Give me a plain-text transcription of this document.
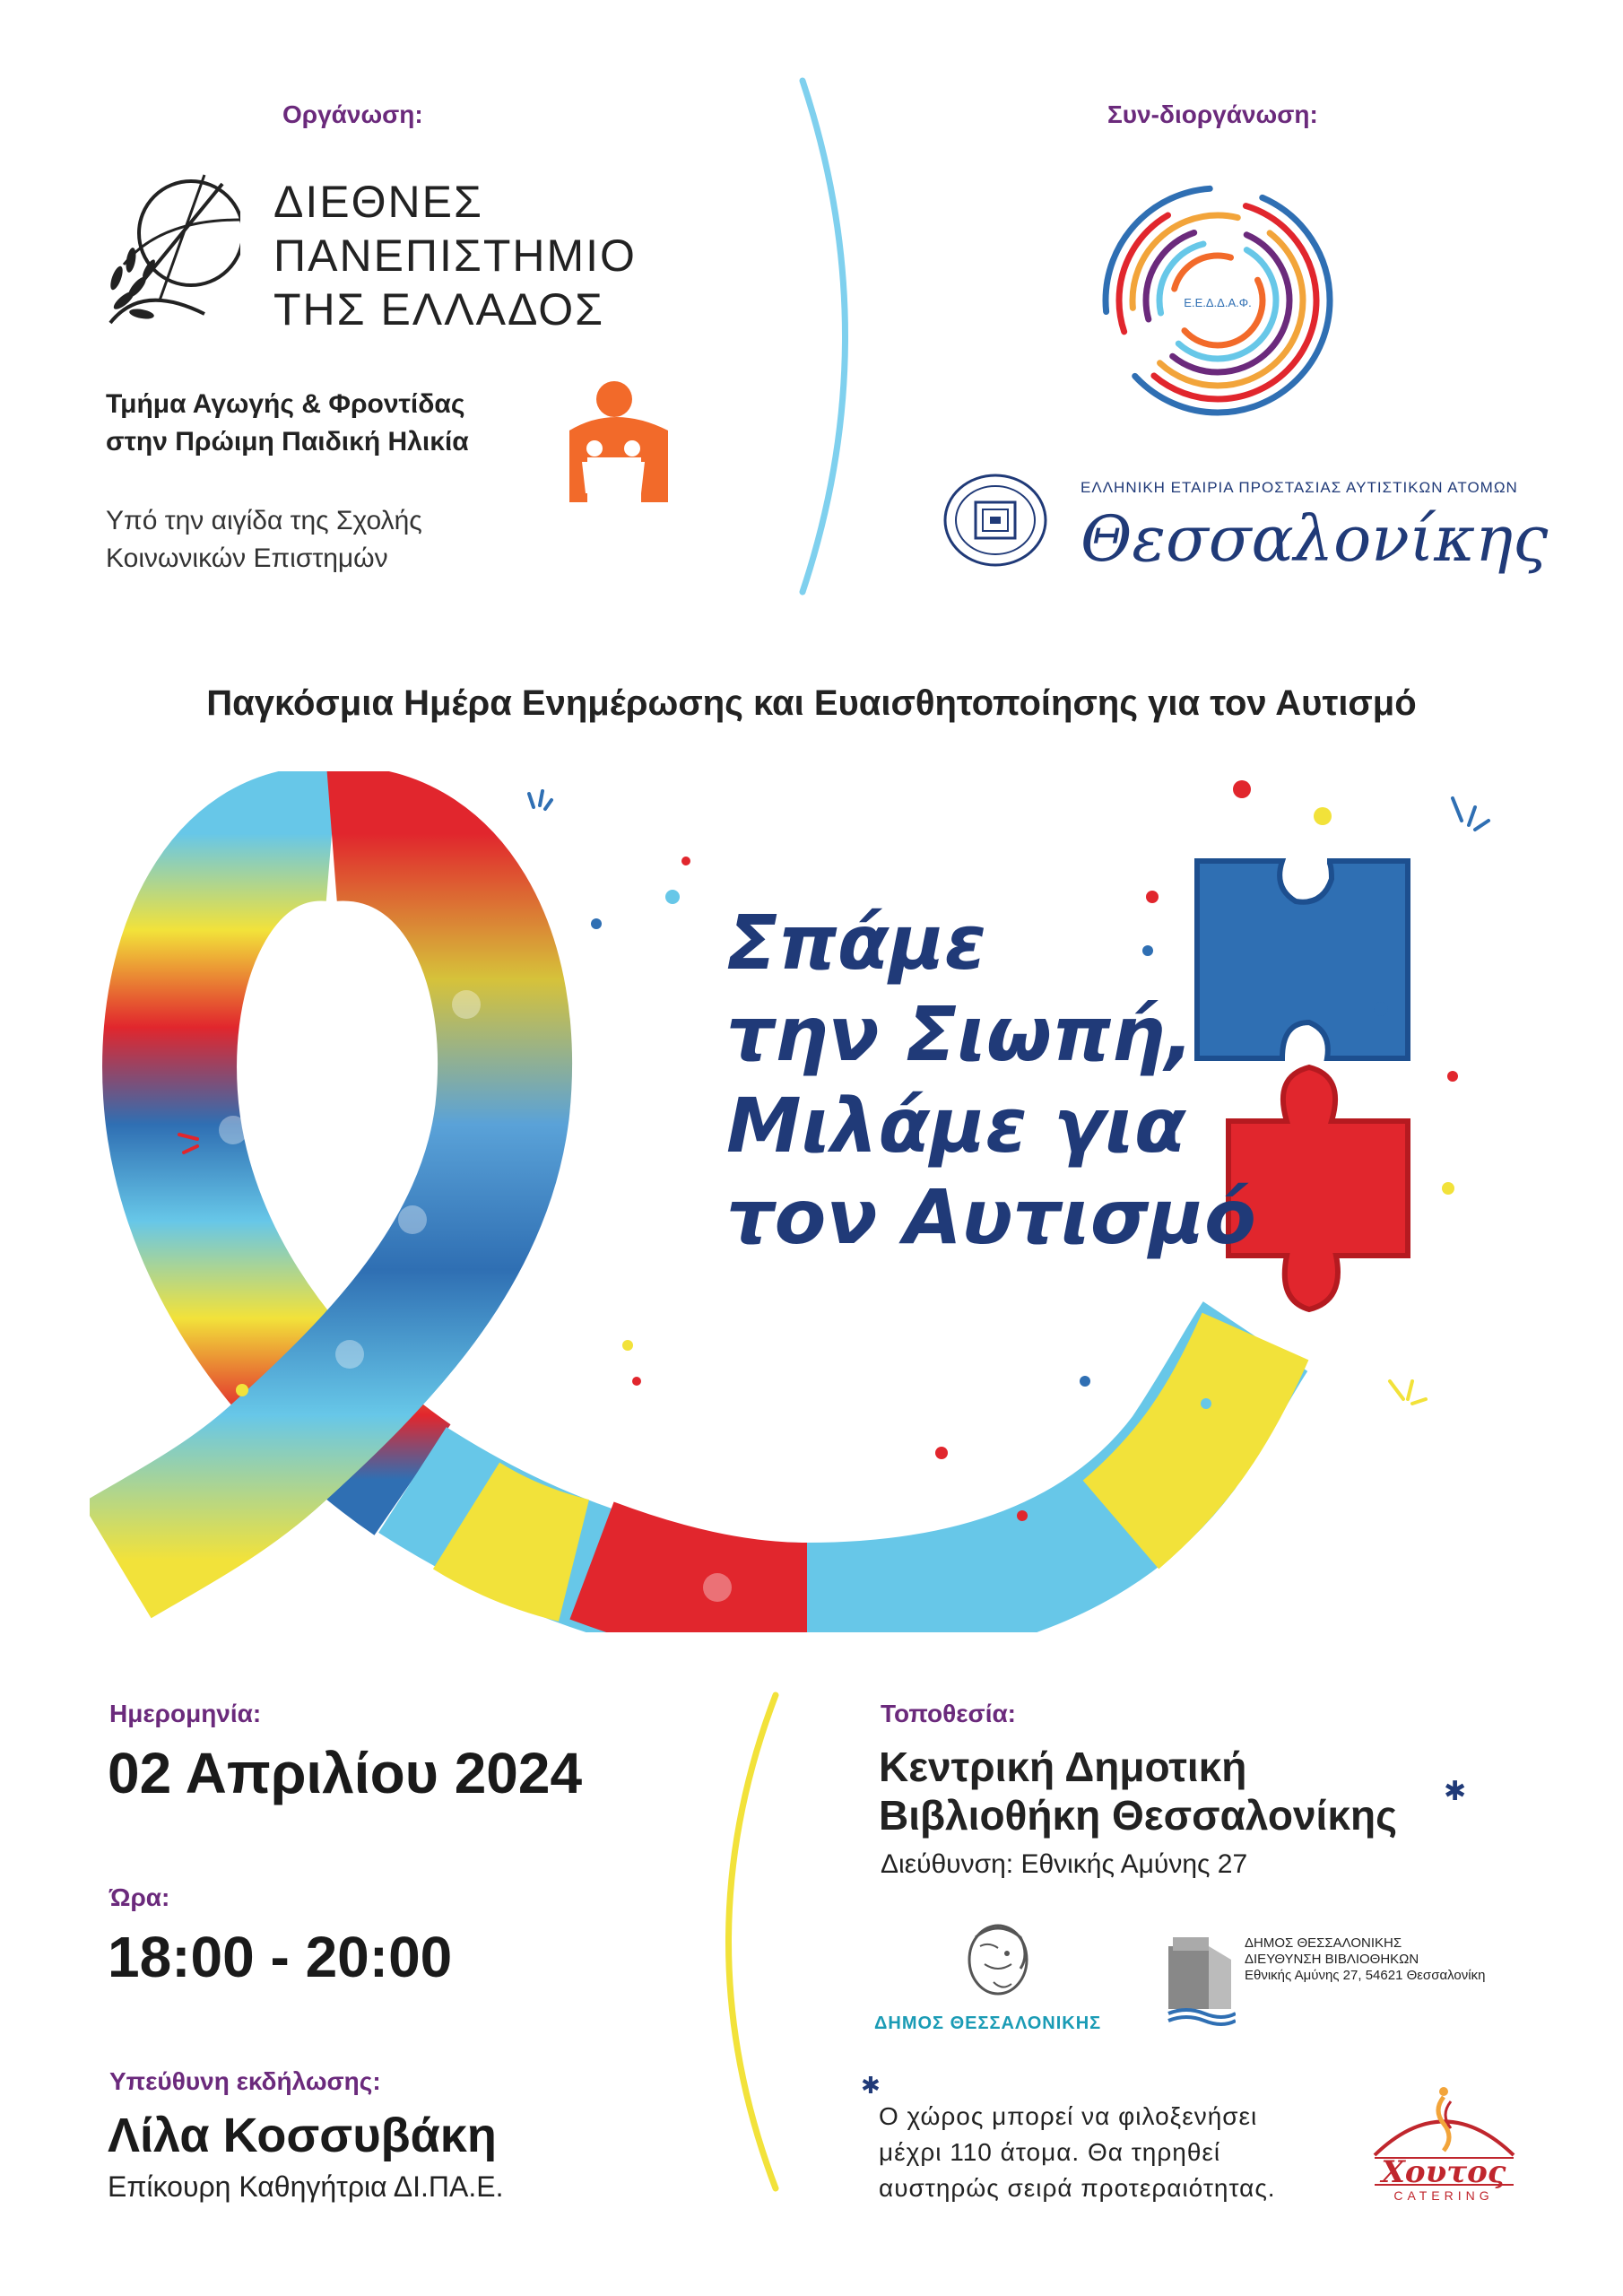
Οργάνωση:
ΔΙΕΘΝΕΣ
ΠΑΝΕΠΙΣΤΗΜΙΟ
ΤΗΣ ΕΛΛΑΔΟΣ
Τμήμα Αγωγής & Φροντίδας
στην Πρώιμη Παιδική Ηλικία
Υπό την αιγίδα της Σχολής
Κοινωνικών Επιστημών
Συν-διοργάνωση:
Ε.Ε.Δ.Δ.Α.Φ.
ΕΛΛΗΝΙΚΗ ΕΤΑΙΡΙΑ ΠΡΟΣΤΑΣΙΑΣ ΑΥΤΙΣΤΙΚΩΝ ΑΤΟΜΩΝ
Θεσσαλονίκης
Παγκόσμια Ημέρα Ενημέρωσης και Ευαισθητοποίησης για τον Αυτισμό
Σπάμε
την Σιωπή,
Μιλάμε για
τον Αυτισμό
Ημερομηνία:
02 Απριλίου 2024
Ώρα:
18:00 - 20:00
Υπεύθυνη εκδήλωσης:
Λίλα Κοσσυβάκη
Επίκουρη Καθηγήτρια ΔΙ.ΠΑ.Ε.
Τοποθεσία:
Κεντρική Δημοτική
Βιβλιοθήκη Θεσσαλονίκης
✱
Διεύθυνση: Εθνικής Αμύνης 27
ΔΗΜΟΣ ΘΕΣΣΑΛΟΝΙΚΗΣ
ΔΗΜΟΣ ΘΕΣΣΑΛΟΝΙΚΗΣ
ΔΙΕΥΘΥΝΣΗ ΒΙΒΛΙΟΘΗΚΩΝ
Εθνικής Αμύνης 27, 54621 Θεσσαλονίκη
✱
Ο χώρος μπορεί να φιλοξενήσει
μέχρι 110 άτομα. Θα τηρηθεί
αυστηρώς σειρά προτεραιότητας.	Χουτος
CATERING
